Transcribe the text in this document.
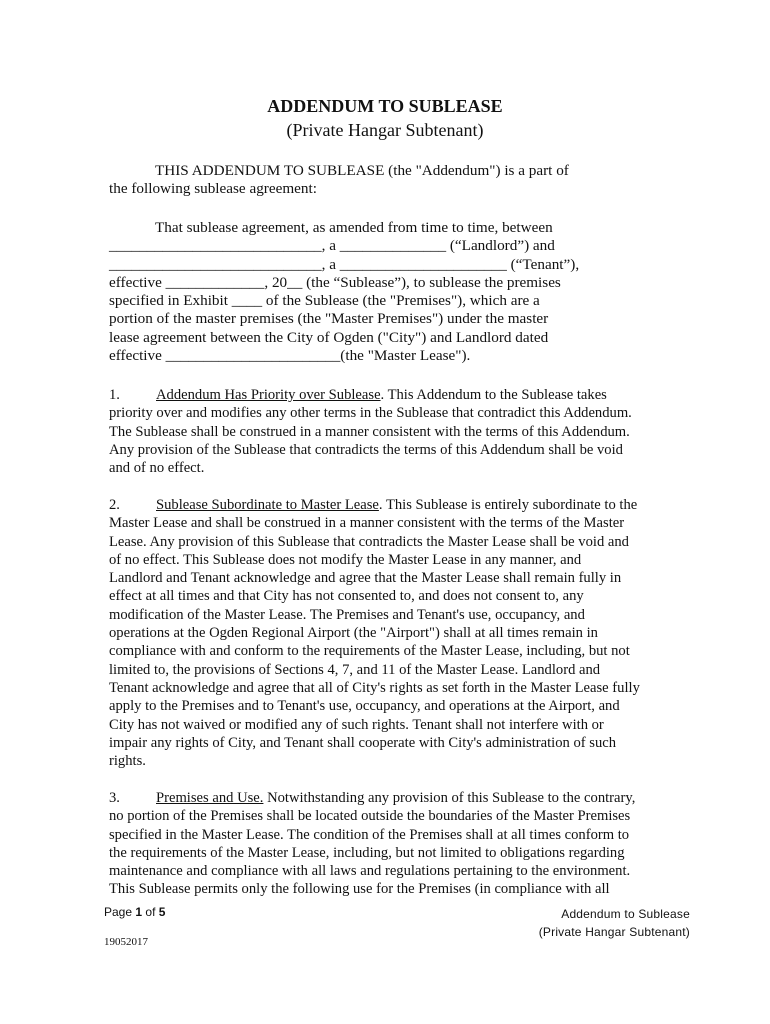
ADDENDUM TO SUBLEASE
(Private Hangar Subtenant)
THIS ADDENDUM TO SUBLEASE (the "Addendum") is a part of
the following sublease agreement:
That sublease agreement, as amended from time to time, between
____________________________, a ______________ (“Landlord”) and
____________________________, a ______________________ (“Tenant”),
effective _____________, 20__ (the “Sublease”), to sublease the premises
specified in Exhibit ____ of the Sublease (the "Premises"), which are a
portion of the master premises (the "Master Premises") under the master
lease agreement between the City of Ogden ("City") and Landlord dated
effective _______________________(the "Master Lease").
1. Addendum Has Priority over Sublease. This Addendum to the Sublease takes
priority over and modifies any other terms in the Sublease that contradict this Addendum.
The Sublease shall be construed in a manner consistent with the terms of this Addendum.
Any provision of the Sublease that contradicts the terms of this Addendum shall be void
and of no effect.
2. Sublease Subordinate to Master Lease. This Sublease is entirely subordinate to the
Master Lease and shall be construed in a manner consistent with the terms of the Master
Lease. Any provision of this Sublease that contradicts the Master Lease shall be void and
of no effect. This Sublease does not modify the Master Lease in any manner, and
Landlord and Tenant acknowledge and agree that the Master Lease shall remain fully in
effect at all times and that City has not consented to, and does not consent to, any
modification of the Master Lease. The Premises and Tenant's use, occupancy, and
operations at the Ogden Regional Airport (the "Airport") shall at all times remain in
compliance with and conform to the requirements of the Master Lease, including, but not
limited to, the provisions of Sections 4, 7, and 11 of the Master Lease. Landlord and
Tenant acknowledge and agree that all of City's rights as set forth in the Master Lease fully
apply to the Premises and to Tenant's use, occupancy, and operations at the Airport, and
City has not waived or modified any of such rights. Tenant shall not interfere with or
impair any rights of City, and Tenant shall cooperate with City's administration of such
rights.
3. Premises and Use. Notwithstanding any provision of this Sublease to the contrary,
no portion of the Premises shall be located outside the boundaries of the Master Premises
specified in the Master Lease. The condition of the Premises shall at all times conform to
the requirements of the Master Lease, including, but not limited to obligations regarding
maintenance and compliance with all laws and regulations pertaining to the environment.
This Sublease permits only the following use for the Premises (in compliance with all
Page 1 of 5	Addendum to Sublease
(Private Hangar Subtenant)
19052017
